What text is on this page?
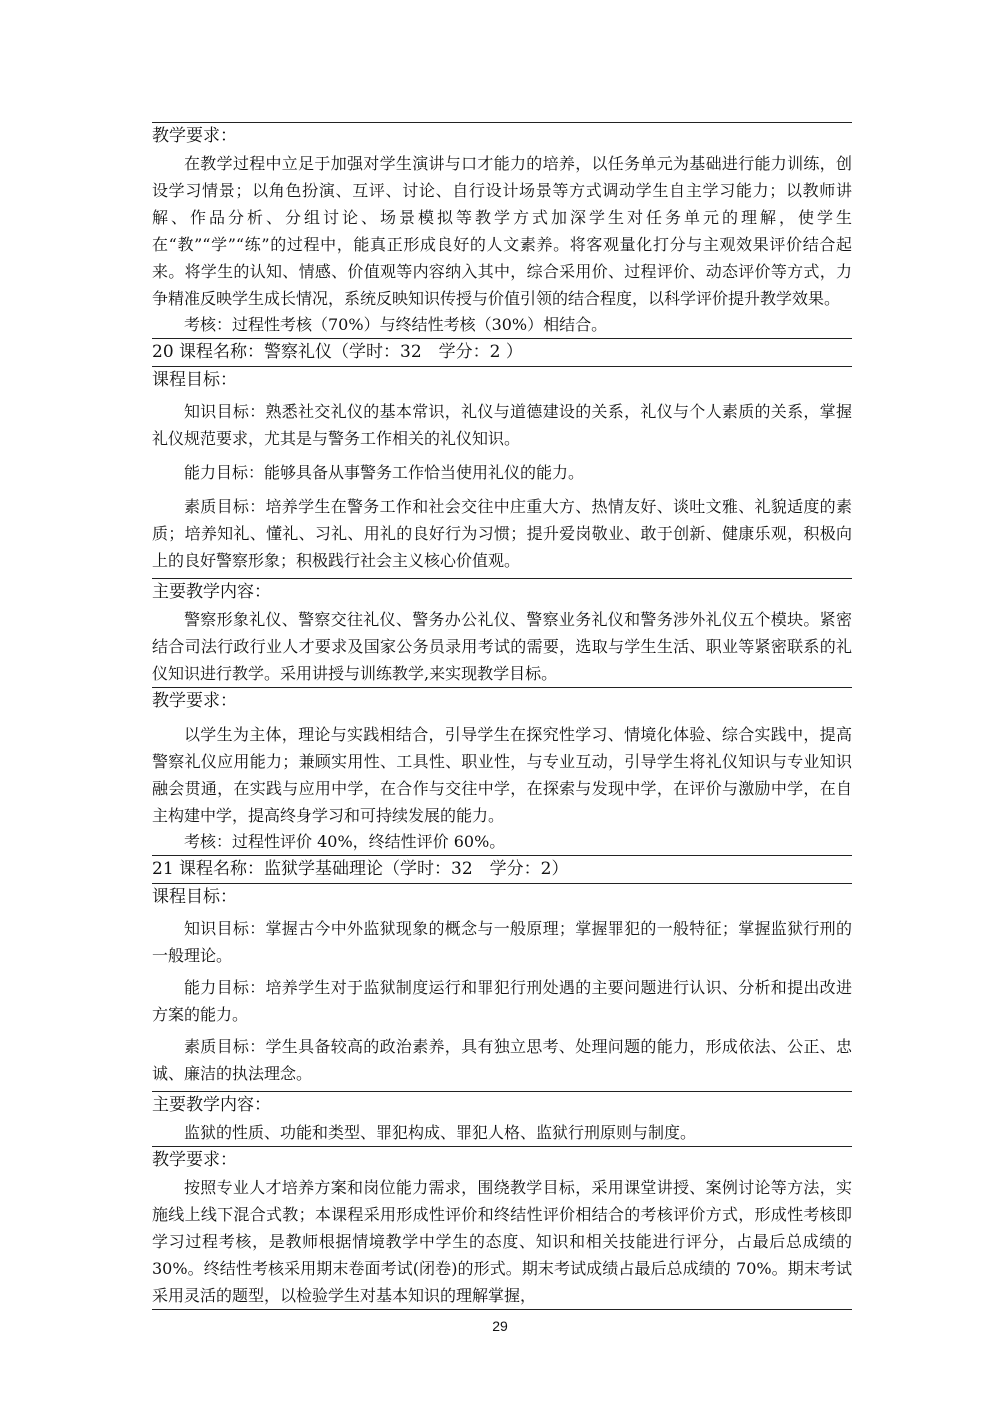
教学要求：
在教学过程中立足于加强对学生演讲与口才能力的培养，以任务单元为基础进行能力训练，创设学习情景；以角色扮演、互评、讨论、自行设计场景等方式调动学生自主学习能力；以教师讲解、作品分析、分组讨论、场景模拟等教学方式加深学生对任务单元的理解，使学生在“教”“学”“练”的过程中，能真正形成良好的人文素养。将客观量化打分与主观效果评价结合起来。将学生的认知、情感、价值观等内容纳入其中，综合采用价、过程评价、动态评价等方式，力争精准反映学生成长情况，系统反映知识传授与价值引领的结合程度，以科学评价提升教学效果。
考核：过程性考核（70%）与终结性考核（30%）相结合。
20 课程名称：警察礼仪（学时：32　学分：2 ）
课程目标：
知识目标：熟悉社交礼仪的基本常识，礼仪与道德建设的关系，礼仪与个人素质的关系，掌握礼仪规范要求，尤其是与警务工作相关的礼仪知识。
能力目标：能够具备从事警务工作恰当使用礼仪的能力。
素质目标：培养学生在警务工作和社会交往中庄重大方、热情友好、谈吐文雅、礼貌适度的素质；培养知礼、懂礼、习礼、用礼的良好行为习惯；提升爱岗敬业、敢于创新、健康乐观，积极向上的良好警察形象；积极践行社会主义核心价值观。
主要教学内容：
警察形象礼仪、警察交往礼仪、警务办公礼仪、警察业务礼仪和警务涉外礼仪五个模块。紧密结合司法行政行业人才要求及国家公务员录用考试的需要，选取与学生生活、职业等紧密联系的礼仪知识进行教学。采用讲授与训练教学,来实现教学目标。
教学要求：
以学生为主体，理论与实践相结合，引导学生在探究性学习、情境化体验、综合实践中，提高警察礼仪应用能力；兼顾实用性、工具性、职业性，与专业互动，引导学生将礼仪知识与专业知识融会贯通，在实践与应用中学，在合作与交往中学，在探索与发现中学，在评价与激励中学，在自主构建中学，提高终身学习和可持续发展的能力。
考核：过程性评价 40%，终结性评价 60%。
21 课程名称：监狱学基础理论（学时：32　学分：2）
课程目标：
知识目标：掌握古今中外监狱现象的概念与一般原理；掌握罪犯的一般特征；掌握监狱行刑的一般理论。
能力目标：培养学生对于监狱制度运行和罪犯行刑处遇的主要问题进行认识、分析和提出改进方案的能力。
素质目标：学生具备较高的政治素养，具有独立思考、处理问题的能力，形成依法、公正、忠诚、廉洁的执法理念。
主要教学内容：
监狱的性质、功能和类型、罪犯构成、罪犯人格、监狱行刑原则与制度。
教学要求：
按照专业人才培养方案和岗位能力需求，围绕教学目标，采用课堂讲授、案例讨论等方法，实施线上线下混合式教；本课程采用形成性评价和终结性评价相结合的考核评价方式，形成性考核即学习过程考核，是教师根据情境教学中学生的态度、知识和相关技能进行评分，占最后总成绩的 30%。终结性考核采用期末卷面考试(闭卷)的形式。期末考试成绩占最后总成绩的 70%。期末考试采用灵活的题型，以检验学生对基本知识的理解掌握，
29
